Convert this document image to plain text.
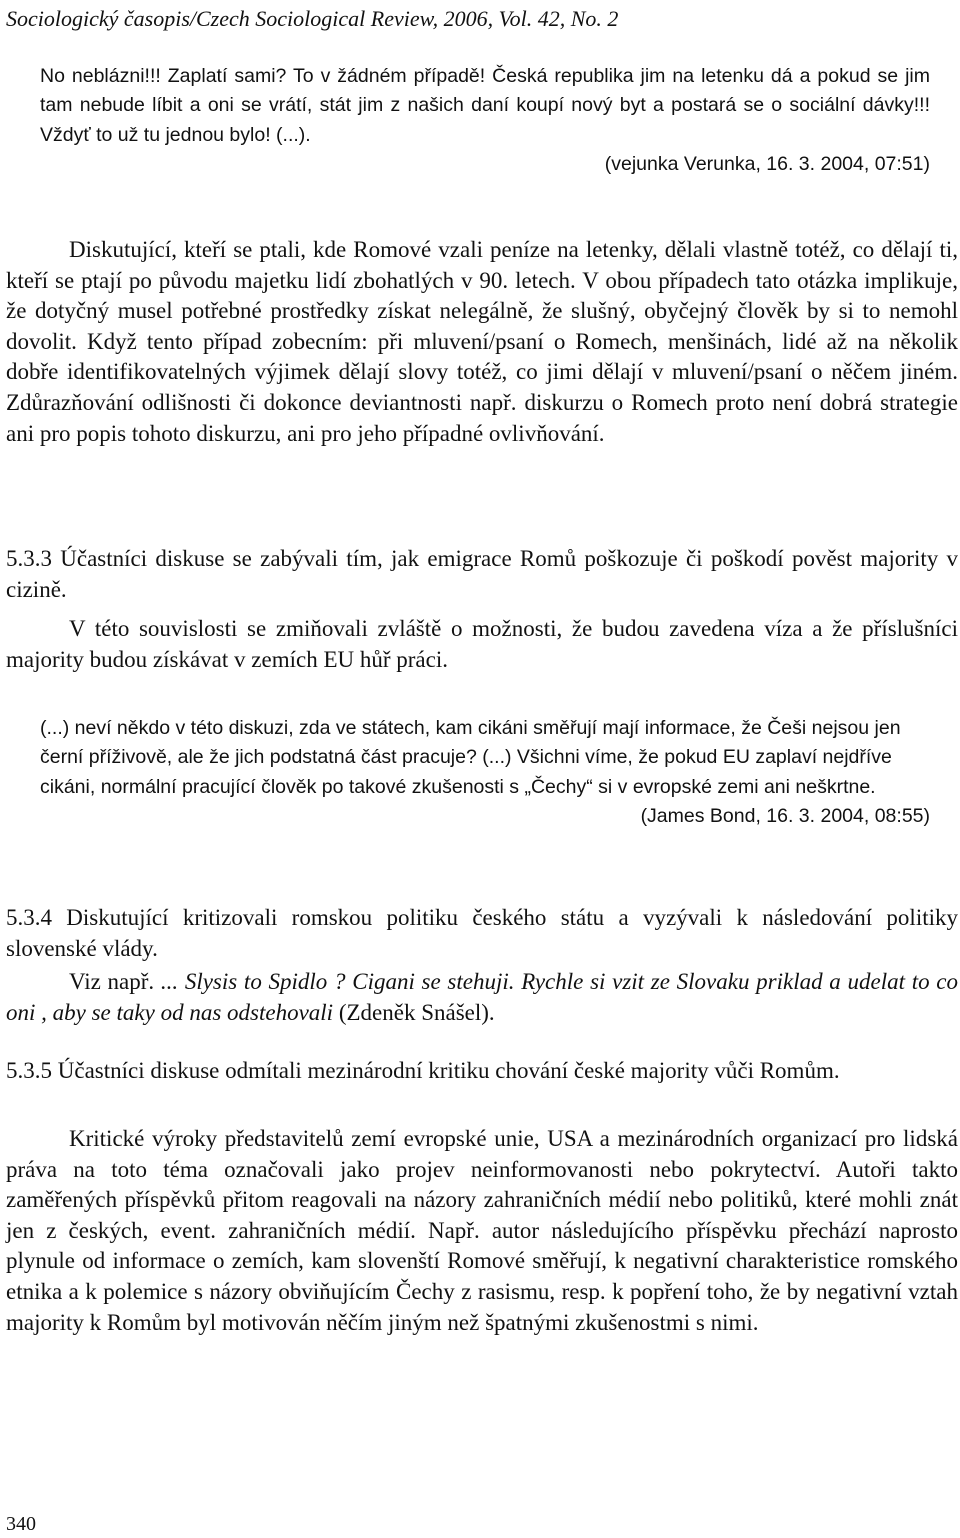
Sociologický časopis/Czech Sociological Review, 2006, Vol. 42, No. 2
No neblázni!!! Zaplatí sami? To v žádném případě! Česká republika jim na letenku dá a pokud se jim tam nebude líbit a oni se vrátí, stát jim z našich daní koupí nový byt a postará se o sociální dávky!!! Vždyť to už tu jednou bylo! (...).
(vejunka Verunka, 16. 3. 2004, 07:51)

Diskutující, kteří se ptali, kde Romové vzali peníze na letenky, dělali vlastně totéž, co dělají ti, kteří se ptají po původu majetku lidí zbohatlých v 90. letech. V obou případech tato otázka implikuje, že dotyčný musel potřebné prostředky získat nelegálně, že slušný, obyčejný člověk by si to nemohl dovolit. Když tento případ zobecním: při mluvení/psaní o Romech, menšinách, lidé až na několik dobře identifikovatelných výjimek dělají slovy totéž, co jimi dělají v mluvení/psaní o něčem jiném. Zdůrazňování odlišnosti či dokonce deviantnosti např. diskurzu o Romech proto není dobrá strategie ani pro popis tohoto diskurzu, ani pro jeho případné ovlivňování.

5.3.3 Účastníci diskuse se zabývali tím, jak emigrace Romů poškozuje či poškodí pověst majority v cizině.

V této souvislosti se zmiňovali zvláště o možnosti, že budou zavedena víza a že příslušníci majority budou získávat v zemích EU hůř práci.

(...) neví někdo v této diskuzi, zda ve státech, kam cikáni směřují mají informace, že Češi nejsou jen černí příživově, ale že jich podstatná část pracuje? (...) Všichni víme, že pokud EU zaplaví nejdříve cikáni, normální pracující člověk po takové zkušenosti s „Čechy“ si v evropské zemi ani neškrtne.
(James Bond, 16. 3. 2004, 08:55)

5.3.4 Diskutující kritizovali romskou politiku českého státu a vyzývali k následování politiky slovenské vlády.

Viz např. ... Slysis to Spidlo ? Cigani se stehuji. Rychle si vzit ze Slovaku priklad a udelat to co oni , aby se taky od nas odstehovali (Zdeněk Snášel).

5.3.5 Účastníci diskuse odmítali mezinárodní kritiku chování české majority vůči Romům.

Kritické výroky představitelů zemí evropské unie, USA a mezinárodních organizací pro lidská práva na toto téma označovali jako projev neinformovanosti nebo pokrytectví. Autoři takto zaměřených příspěvků přitom reagovali na názory zahraničních médií nebo politiků, které mohli znát jen z českých, event. zahraničních médií. Např. autor následujícího příspěvku přechází naprosto plynule od informace o zemích, kam slovenští Romové směřují, k negativní charakteristice romského etnika a k polemice s názory obviňujícím Čechy z rasismu, resp. k popření toho, že by negativní vztah majority k Romům byl motivován něčím jiným než špatnými zkušenostmi s nimi.

340
